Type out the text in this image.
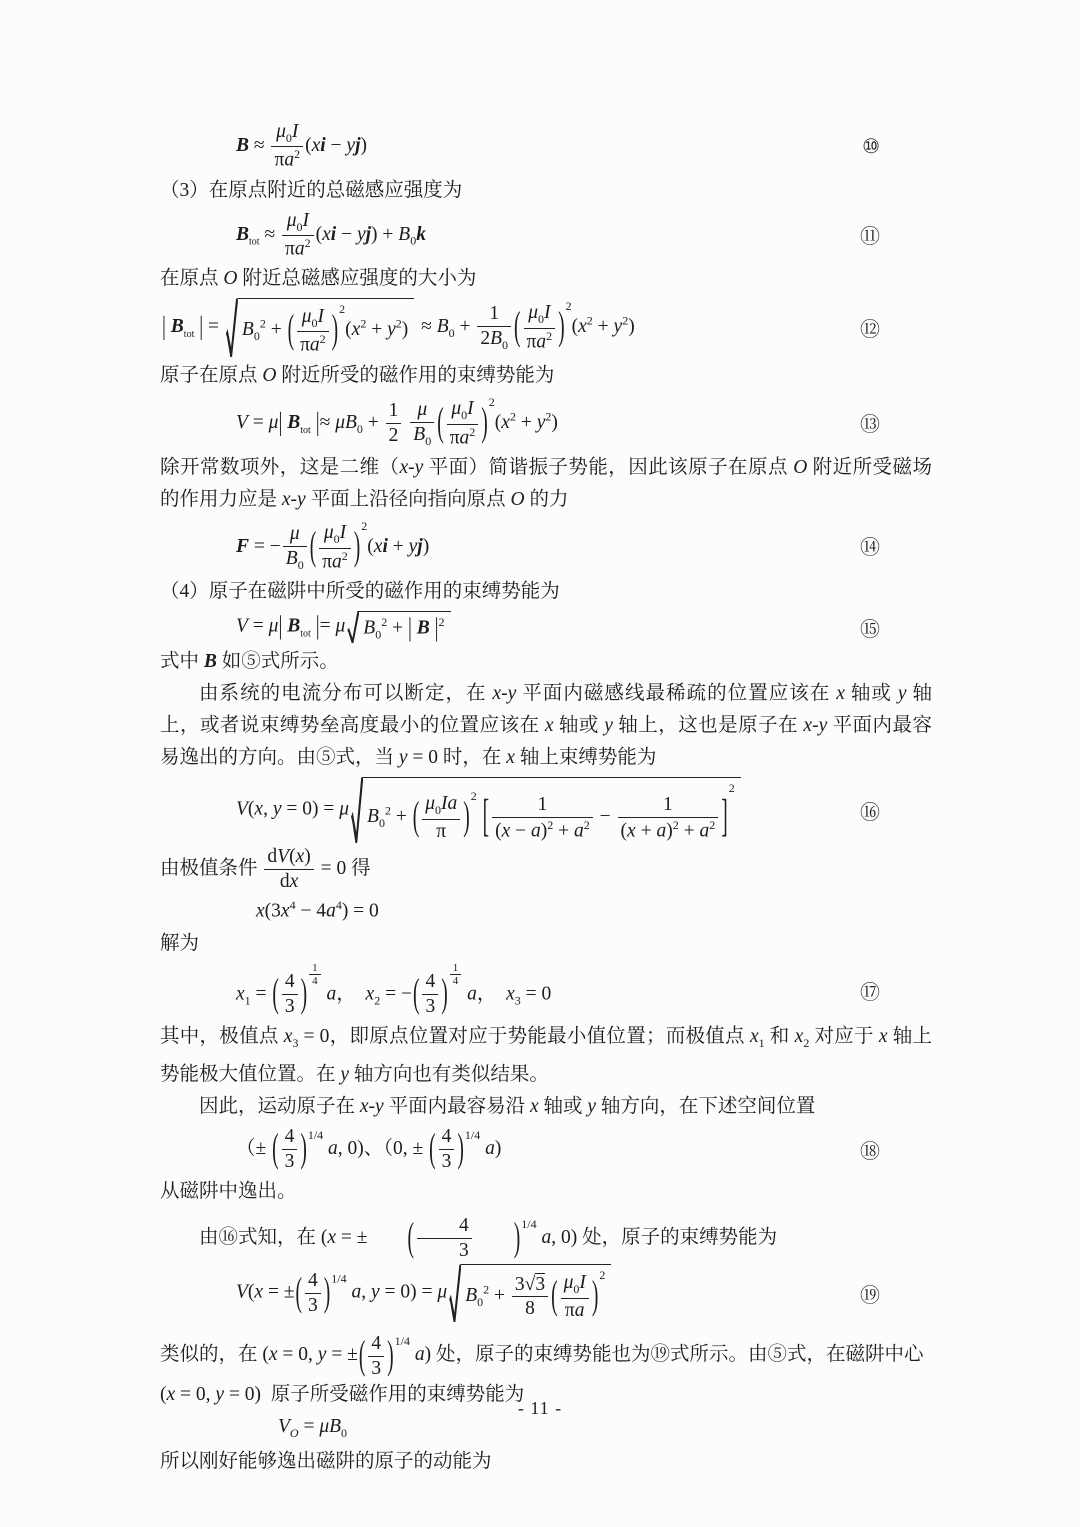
$B \approx \frac{\mu_0I}{\pi a^2} (xi - yj)$	⑩

（3）在原点附近的总磁感应强度为

$B_{tot} \approx \frac{\mu_0I}{\pi a^2} (xi - yj) + B_0k$	⑪

在原点 O 附近总磁感应强度的大小为

| $B_{tot}$ | = $B_0^2$ + ( $\frac{\mu_0I}{\pi a^2} )^2(x^2 + y^2) \approx B_0 + \frac{1}{2B_0}$ ( $\frac{\mu_0I}{\pi a^2} )^2(x^2 + y^2)$	⑫

原子在原点 O 附近所受的磁作用的束缚势能为

V = μ| $B_{tot}$ |≈ $\mu B_0 + \frac{1}{2}$
$\frac{\mu}{B_0}$ ( $\frac{\mu_0I}{\pi a^2} )^2(x^2 + y^2)$	⑬

除开常数项外，这是二维（x-y 平面）简谐振子势能，因此该原子在原点 O 附近所受磁场的作用力应是 x-y 平面上沿径向指向原点 O 的力

F = − $\frac{\mu}{B_0}$ ( $\frac{\mu_0I}{\pi a^2} )^2(xi + yj)$	⑭

（4）原子在磁阱中所受的磁作用的束缚势能为

V = μ| $B_{tot}$ |= μ $B_0^2$ + | B $|^2$	⑮

式中 B 如⑤式所示。

由系统的电流分布可以断定，在 x-y 平面内磁感线最稀疏的位置应该在 x 轴或 y 轴上，或者说束缚势垒高度最小的位置应该在 x 轴或 y 轴上，这也是原子在 x-y 平面内最容易逸出的方向。由⑤式，当 y = 0 时，在 x 轴上束缚势能为

V(x, y = 0) = μ $B_0^2$ + ( $\frac{\mu_0Ia}{\pi} )^2$ [ $\frac{1}{(x - a)^2 + a^2} - \frac{1}{(x + a)^2 + a^2} ]^2$
⑯

由极值条件 $\frac{dV(x)}{dx} = 0$ 得

$x(3x^4 - 4a^4) = 0$

解为

$x_1$ = ( $\frac{4}{3}$ ) $\frac{1}{4}$
a，  $x_2$ = −( $\frac{4}{3}$ ) $\frac{1}{4}$
a，  $x_3 = 0$	⑰

其中，极值点 $x_3 = 0$，即原点位置对应于势能最小值位置；而极值点 $x_1$ 和 $x_2$ 对应于 x 轴上势能极大值位置。在 y 轴方向也有类似结果。

因此，运动原子在 x-y 平面内最容易沿 x 轴或 y 轴方向，在下述空间位置

（± ( $\frac{4}{3} )^{1/4}$ a, 0)、（0, ± ( $\frac{4}{3} )^{1/4}$ a)	⑱

从磁阱中逸出。

由⑯式知，在 (x = ± ( $\frac{4}{3} )^{1/4}$ a, 0) 处，原子的束缚势能为

V(x = ±( $\frac{4}{3} )^{1/4}$ a, y = 0) = μ $B_0^2 + \frac{3√3}{8}$ ( $\frac{\mu_0I}{\pi a} )^2$
⑲

类似的，在 (x = 0, y = ±( $\frac{4}{3} )^{1/4}$ a) 处，原子的束缚势能也为⑲式所示。由⑤式，在磁阱中心

(x = 0, y = 0)  原子所受磁作用的束缚势能为

$V_O = \mu B_0$

所以刚好能够逸出磁阱的原子的动能为

- 11 -
